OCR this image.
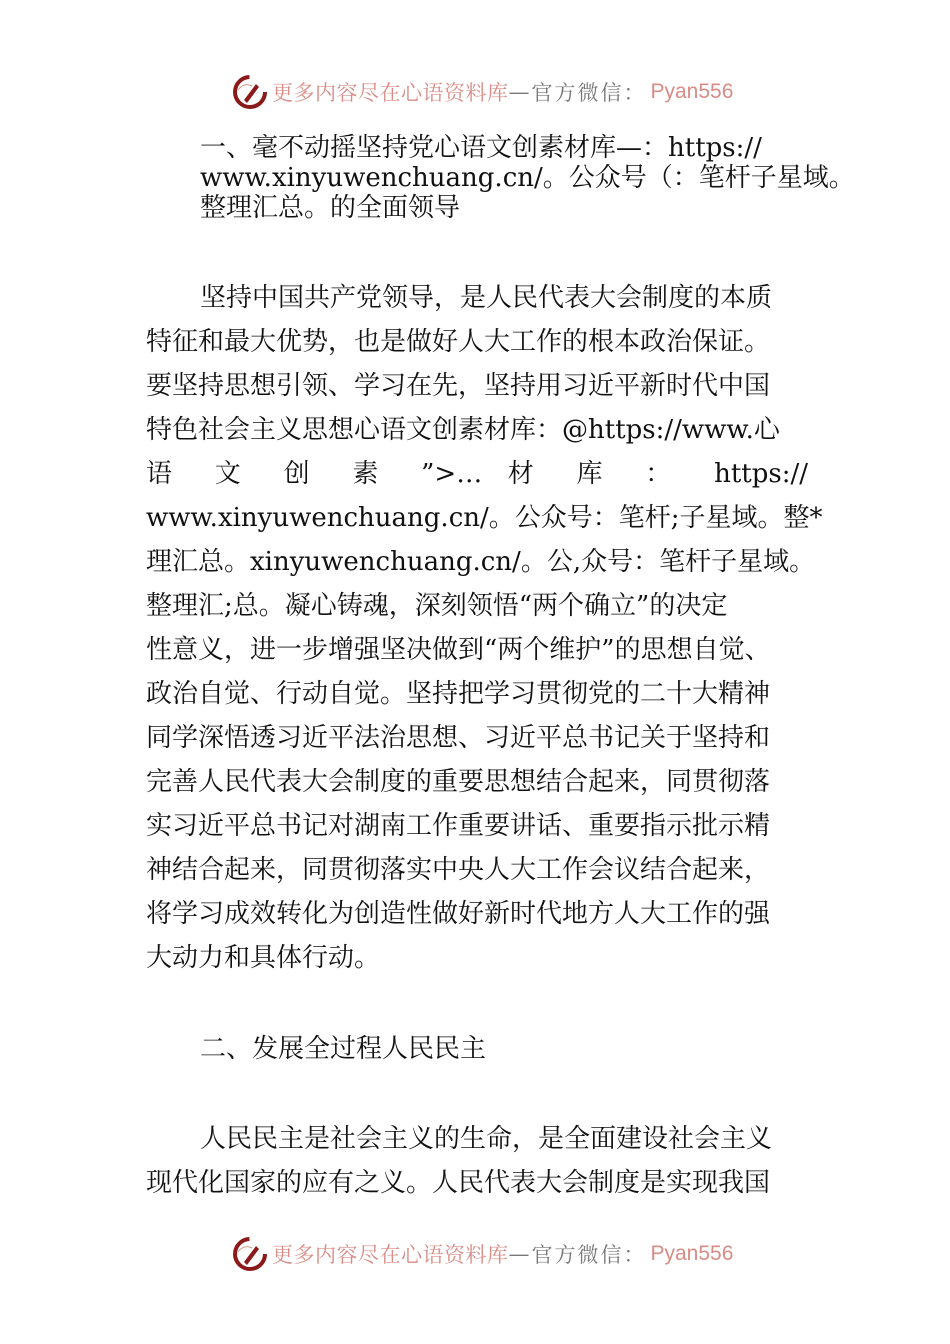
更多内容尽在心语资料库 — 官方微信： Pyan556
一、毫不动摇坚持党心语文创素材库—：https://
www.xinyuwenchuang.cn/。公众号（：笔杆子星域。
整理汇总。的全面领导
坚持中国共产党领导，是人民代表大会制度的本质
特征和最大优势，也是做好人大工作的根本政治保证。
要坚持思想引领、学习在先，坚持用习近平新时代中国
特色社会主义思想心语文创素材库：@https://www.心
语 文 创 素 ”>… 材 库 ： https://
www.xinyuwenchuang.cn/。公众号：笔杆;子星域。整*
理汇总。xinyuwenchuang.cn/。公,众号：笔杆子星域。
整理汇;总。凝心铸魂，深刻领悟“两个确立”的决定
性意义，进一步增强坚决做到“两个维护”的思想自觉、
政治自觉、行动自觉。坚持把学习贯彻党的二十大精神
同学深悟透习近平法治思想、习近平总书记关于坚持和
完善人民代表大会制度的重要思想结合起来，同贯彻落
实习近平总书记对湖南工作重要讲话、重要指示批示精
神结合起来，同贯彻落实中央人大工作会议结合起来，
将学习成效转化为创造性做好新时代地方人大工作的强
大动力和具体行动。
二、发展全过程人民民主
人民民主是社会主义的生命，是全面建设社会主义
现代化国家的应有之义。人民代表大会制度是实现我国
更多内容尽在心语资料库 — 官方微信： Pyan556
